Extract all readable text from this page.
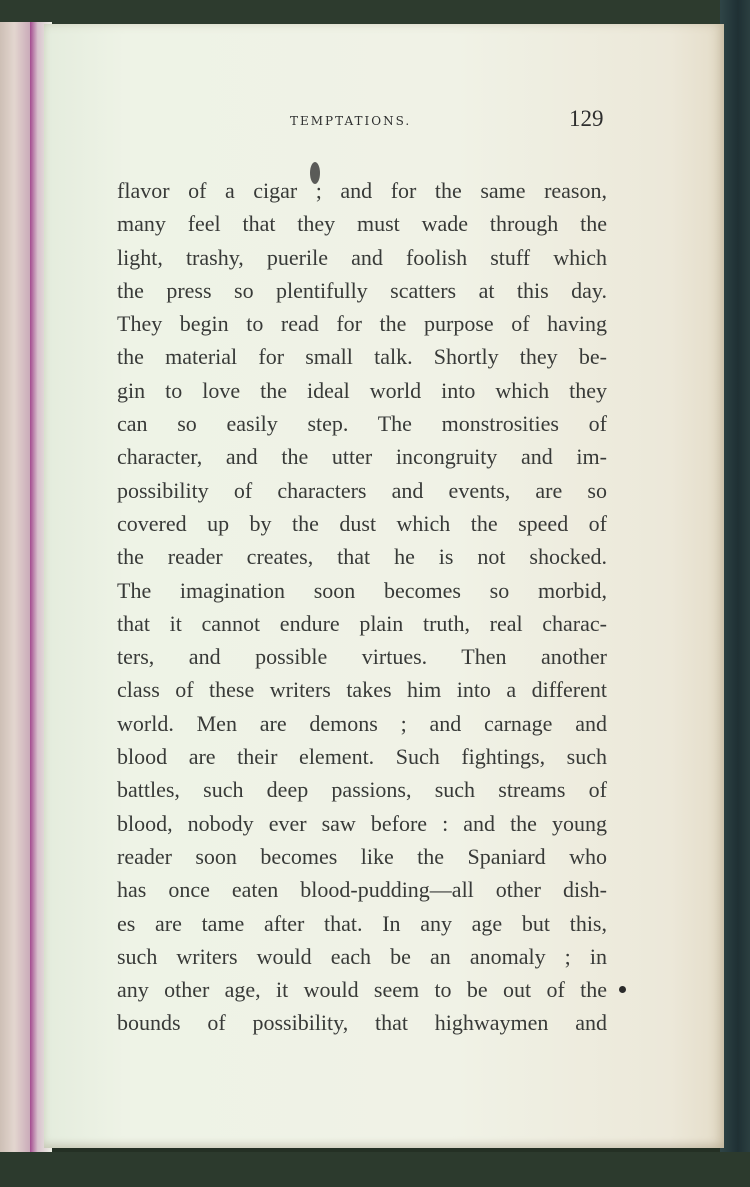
TEMPTATIONS.	129
flavor of a cigar ; and for the same reason,
many feel that they must wade through the
light, trashy, puerile and foolish stuff which
the press so plentifully scatters at this day.
They begin to read for the purpose of having
the material for small talk. Shortly they be-
gin to love the ideal world into which they
can so easily step. The monstrosities of
character, and the utter incongruity and im-
possibility of characters and events, are so
covered up by the dust which the speed of
the reader creates, that he is not shocked.
The imagination soon becomes so morbid,
that it cannot endure plain truth, real charac-
ters, and possible virtues. Then another
class of these writers takes him into a different
world. Men are demons ; and carnage and
blood are their element. Such fightings, such
battles, such deep passions, such streams of
blood, nobody ever saw before : and the young
reader soon becomes like the Spaniard who
has once eaten blood-pudding—all other dish-
es are tame after that. In any age but this,
such writers would each be an anomaly ; in
any other age, it would seem to be out of the
bounds of possibility, that highwaymen and
